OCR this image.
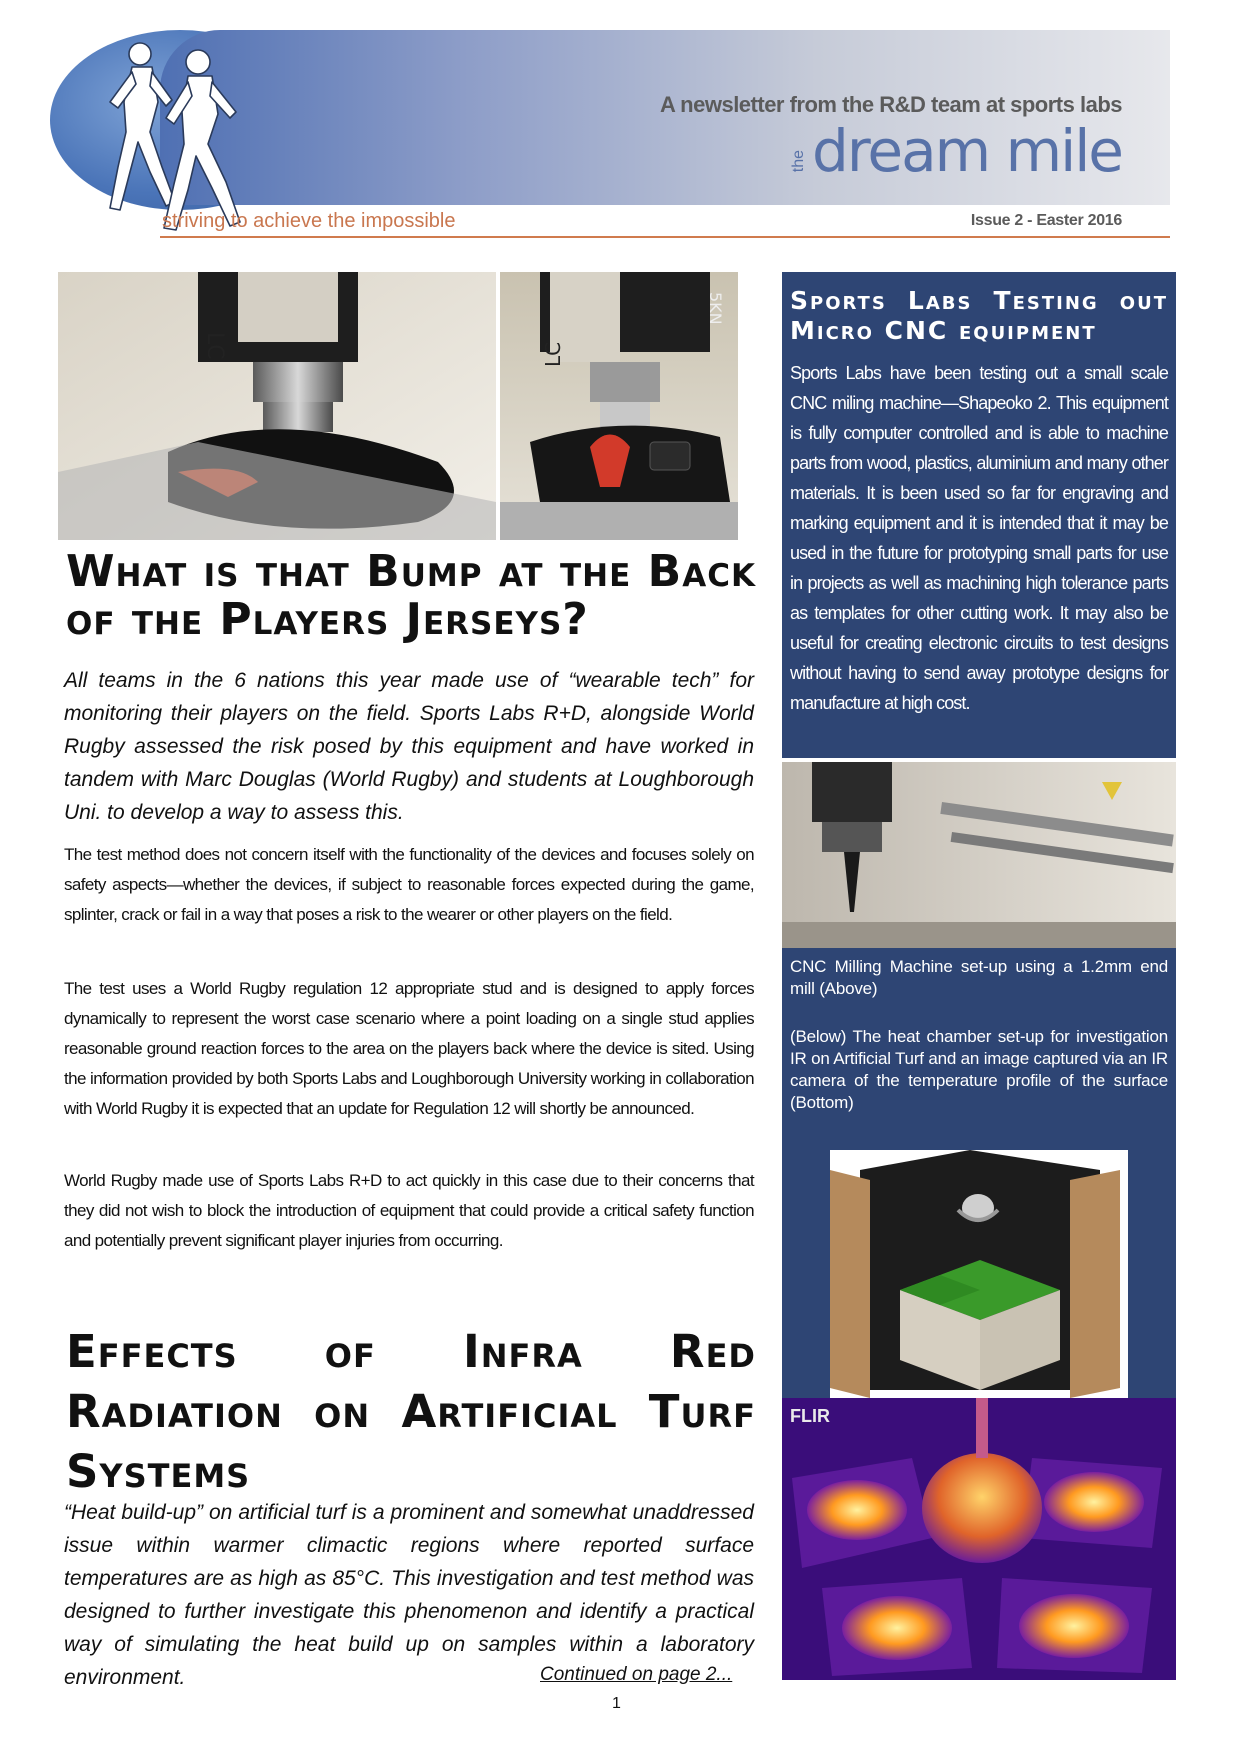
A newsletter from the R&D team at sports labs
the dream mile
striving to achieve the impossible	Issue 2 - Easter 2016
LC	LC
5KN
What is that Bump at the Back of the Players Jerseys?

All teams in the 6 nations this year made use of “wearable tech” for monitoring their players on the field. Sports Labs R+D, alongside World Rugby assessed the risk posed by this equipment and have worked in tandem with Marc Douglas (World Rugby) and students at Loughborough Uni. to develop a way to assess this.

The test method does not concern itself with the functionality of the devices and focuses solely on safety aspects—whether the devices, if subject to reasonable forces expected during the game, splinter, crack or fail in a way that poses a risk to the wearer or other players on the field.

The test uses a World Rugby regulation 12 appropriate stud and is designed to apply forces dynamically to represent the worst case scenario where a point loading on a single stud applies reasonable ground reaction forces to the area on the players back where the device is sited. Using the information provided by both Sports Labs and Loughborough University working in collaboration with World Rugby it is expected that an update for Regulation 12 will shortly be announced.

World Rugby made use of Sports Labs R+D to act quickly in this case due to their concerns that they did not wish to block the introduction of equipment that could provide a critical safety function and potentially prevent significant player injuries from occurring.

Effects of Infra Red Radiation on Artificial Turf Systems

“Heat build-up” on artificial turf is a prominent and somewhat unaddressed issue within warmer climactic regions where reported surface temperatures are as high as 85°C. This investigation and test method was designed to further investigate this phenomenon and identify a practical way of simulating the heat build up on samples within a laboratory environment.	Continued on page 2...
1
Sports Labs Testing out Micro CNC equipment

Sports Labs have been testing out a small scale CNC miling machine—Shapeoko 2. This equipment is fully computer controlled and is able to machine parts from wood, plastics, aluminium and many other materials. It is been used so far for engraving and marking equipment and it is intended that it may be used in the future for prototyping small parts for use in projects as well as machining high tolerance parts as templates for other cutting work. It may also be useful for creating electronic circuits to test designs without having to send away prototype designs for manufacture at high cost.

CNC Milling Machine set-up using a 1.2mm end mill (Above)

(Below) The heat chamber set-up for investigation IR on Artificial Turf and an image captured via an IR camera of the temperature profile of the surface (Bottom)

FLIR
